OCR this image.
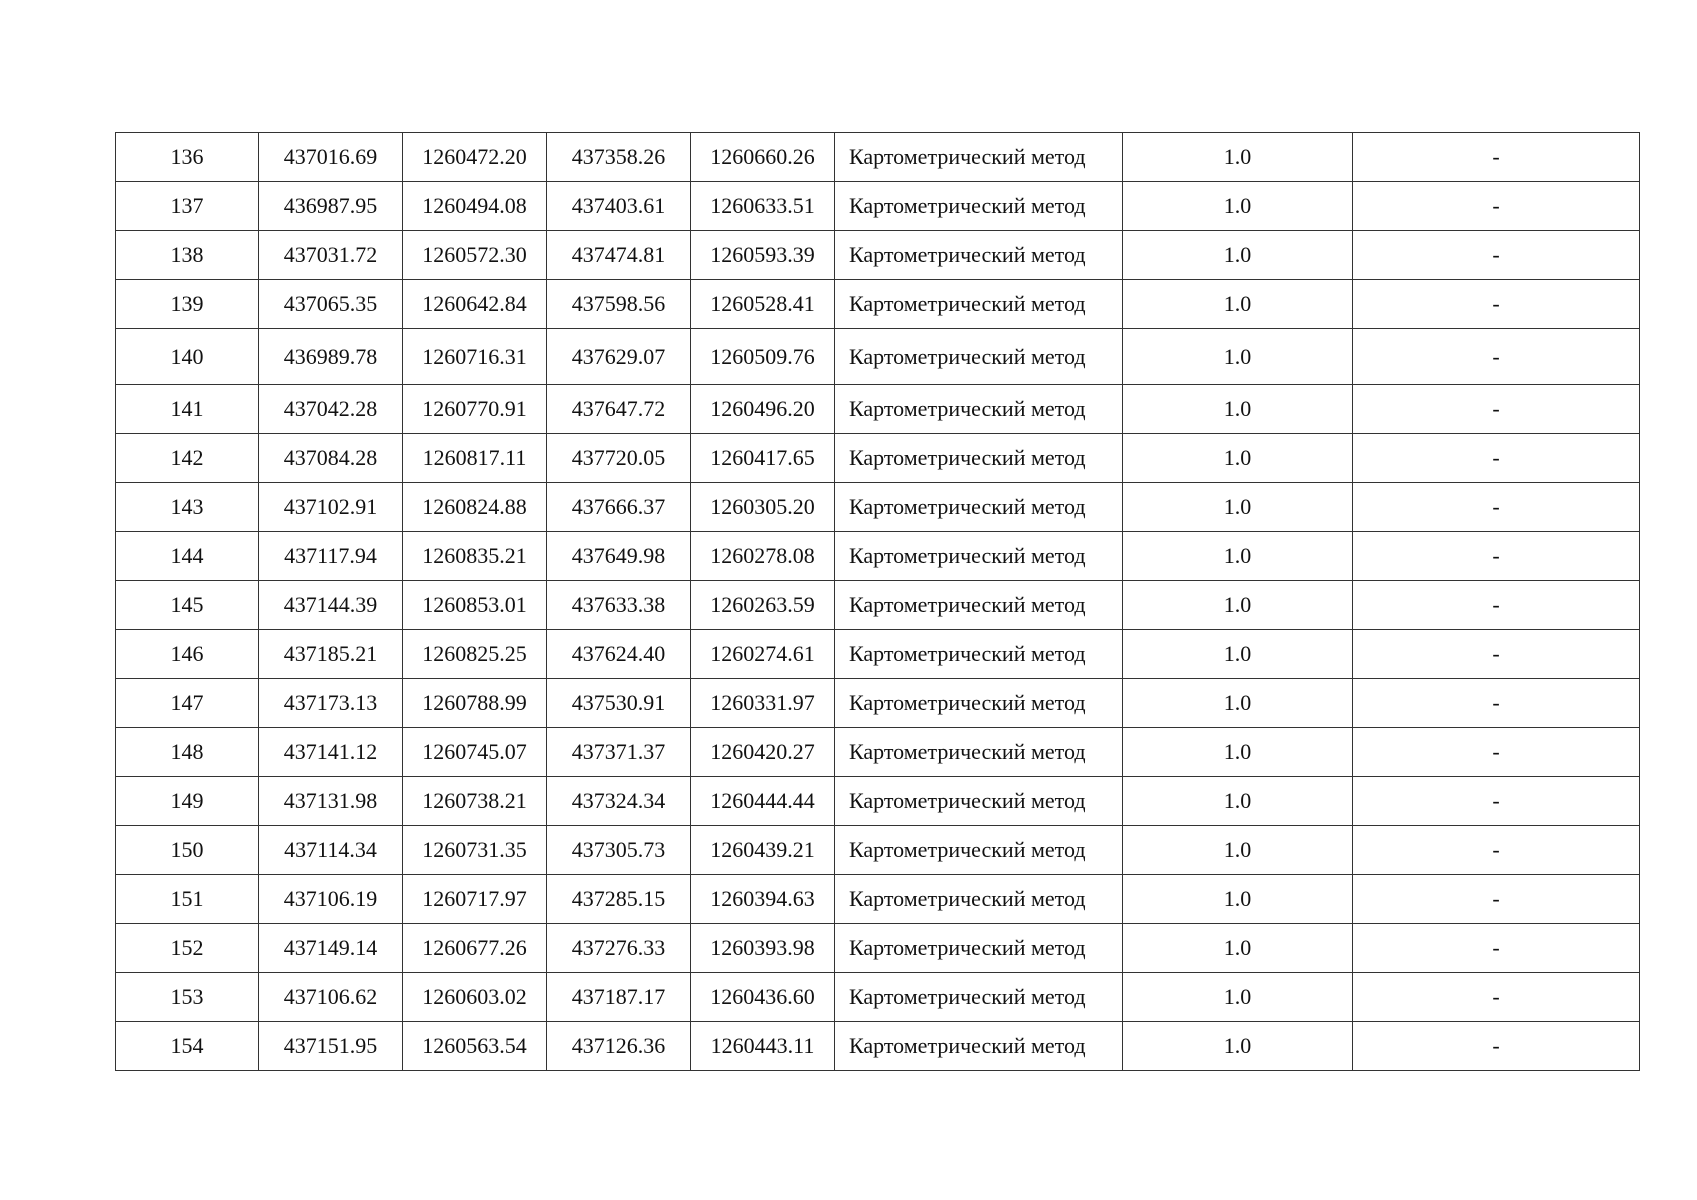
136	437016.69	1260472.20	437358.26	1260660.26	Картометрический метод	1.0	-
137	436987.95	1260494.08	437403.61	1260633.51	Картометрический метод	1.0	-
138	437031.72	1260572.30	437474.81	1260593.39	Картометрический метод	1.0	-
139	437065.35	1260642.84	437598.56	1260528.41	Картометрический метод	1.0	-
140	436989.78	1260716.31	437629.07	1260509.76	Картометрический метод	1.0	-
141	437042.28	1260770.91	437647.72	1260496.20	Картометрический метод	1.0	-
142	437084.28	1260817.11	437720.05	1260417.65	Картометрический метод	1.0	-
143	437102.91	1260824.88	437666.37	1260305.20	Картометрический метод	1.0	-
144	437117.94	1260835.21	437649.98	1260278.08	Картометрический метод	1.0	-
145	437144.39	1260853.01	437633.38	1260263.59	Картометрический метод	1.0	-
146	437185.21	1260825.25	437624.40	1260274.61	Картометрический метод	1.0	-
147	437173.13	1260788.99	437530.91	1260331.97	Картометрический метод	1.0	-
148	437141.12	1260745.07	437371.37	1260420.27	Картометрический метод	1.0	-
149	437131.98	1260738.21	437324.34	1260444.44	Картометрический метод	1.0	-
150	437114.34	1260731.35	437305.73	1260439.21	Картометрический метод	1.0	-
151	437106.19	1260717.97	437285.15	1260394.63	Картометрический метод	1.0	-
152	437149.14	1260677.26	437276.33	1260393.98	Картометрический метод	1.0	-
153	437106.62	1260603.02	437187.17	1260436.60	Картометрический метод	1.0	-
154	437151.95	1260563.54	437126.36	1260443.11	Картометрический метод	1.0	-
